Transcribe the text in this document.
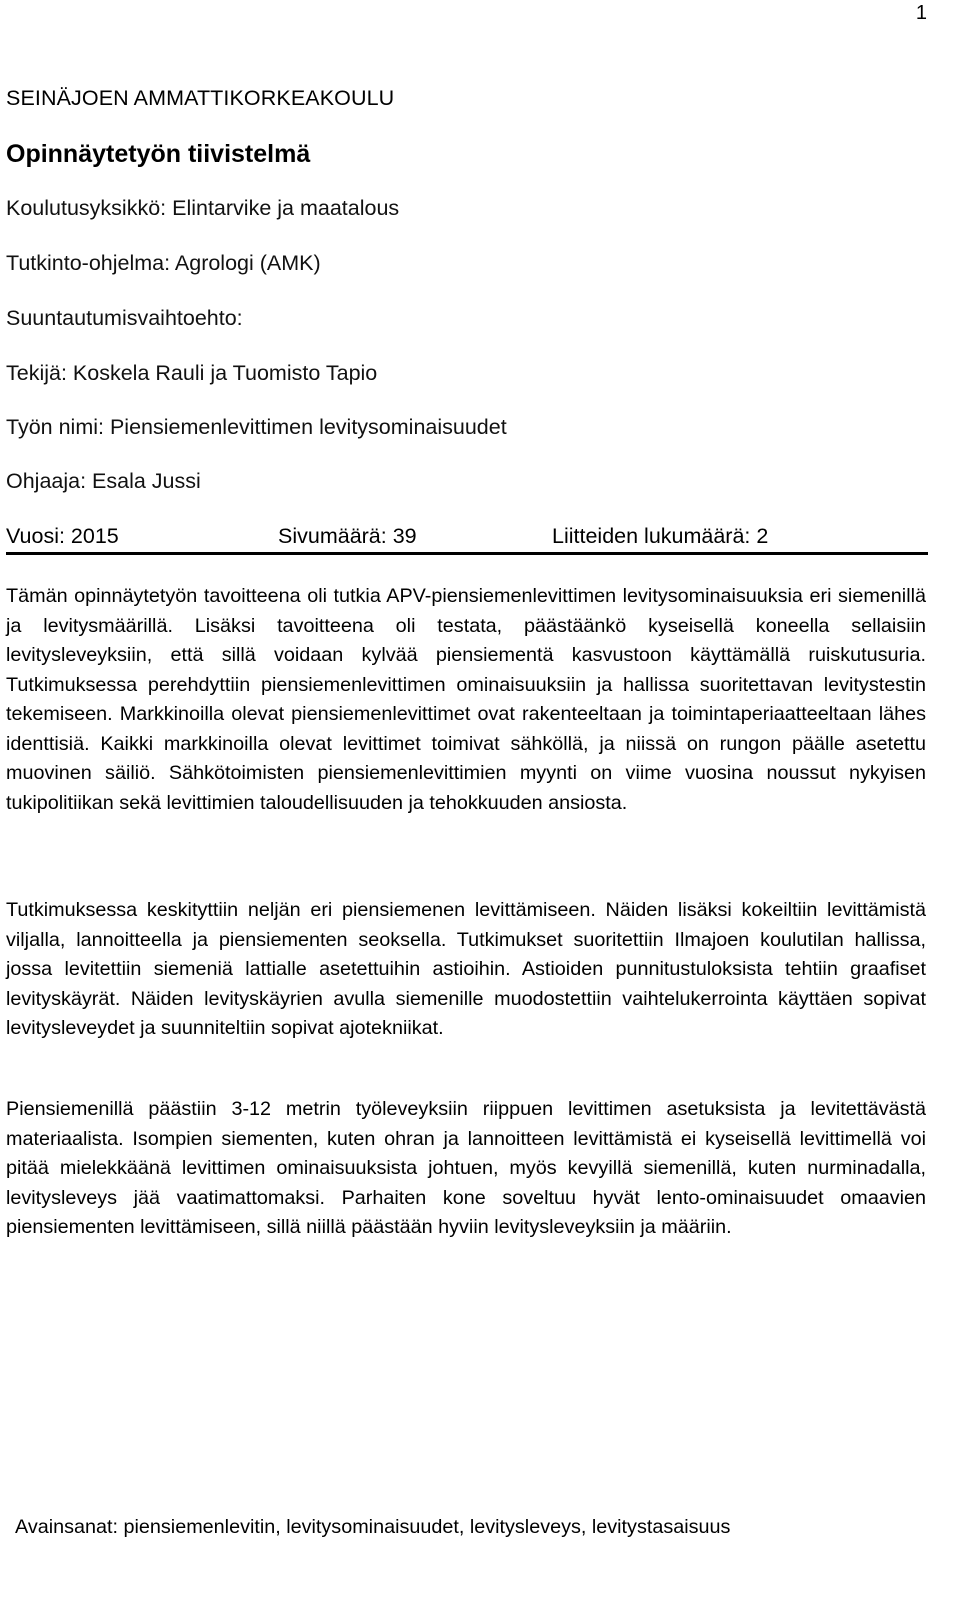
1
SEINÄJOEN AMMATTIKORKEAKOULU
Opinnäytetyön tiivistelmä
Koulutusyksikkö: Elintarvike ja maatalous
Tutkinto-ohjelma: Agrologi (AMK)
Suuntautumisvaihtoehto:
Tekijä: Koskela Rauli ja Tuomisto Tapio
Työn nimi: Piensiemenlevittimen levitysominaisuudet
Ohjaaja: Esala Jussi
Vuosi: 2015	Sivumäärä: 39	Liitteiden lukumäärä: 2
Tämän opinnäytetyön tavoitteena oli tutkia APV-piensiemenlevittimen levitysominaisuuksia eri siemenillä ja levitysmäärillä. Lisäksi tavoitteena oli testata, päästäänkö kyseisellä koneella sellaisiin levitysleveyksiin, että sillä voidaan kylvää piensiementä kasvustoon käyttämällä ruiskutusuria. Tutkimuksessa perehdyttiin piensiemenlevittimen ominaisuuksiin ja hallissa suoritettavan levitystestin tekemiseen. Markkinoilla olevat piensiemenlevittimet ovat rakenteeltaan ja toimintaperiaatteeltaan lähes identtisiä. Kaikki markkinoilla olevat levittimet toimivat sähköllä, ja niissä on rungon päälle asetettu muovinen säiliö. Sähkötoimisten piensiemenlevittimien myynti on viime vuosina noussut nykyisen tukipolitiikan sekä levittimien taloudellisuuden ja tehokkuuden ansiosta.
Tutkimuksessa keskityttiin neljän eri piensiemenen levittämiseen. Näiden lisäksi kokeiltiin levittämistä viljalla, lannoitteella ja piensiementen seoksella. Tutkimukset suoritettiin Ilmajoen koulutilan hallissa, jossa levitettiin siemeniä lattialle asetettuihin astioihin. Astioiden punnitustuloksista tehtiin graafiset levityskäyrät. Näiden levityskäyrien avulla siemenille muodostettiin vaihtelukerrointa käyttäen sopivat levitysleveydet ja suunniteltiin sopivat ajotekniikat.
Piensiemenillä päästiin 3-12 metrin työleveyksiin riippuen levittimen asetuksista ja levitettävästä materiaalista. Isompien siementen, kuten ohran ja lannoitteen levittämistä ei kyseisellä levittimellä voi pitää mielekkäänä levittimen ominaisuuksista johtuen, myös kevyillä siemenillä, kuten nurminadalla, levitysleveys jää vaatimattomaksi. Parhaiten kone soveltuu hyvät lento-ominaisuudet omaavien piensiementen levittämiseen, sillä niillä päästään hyviin levitysleveyksiin ja määriin.
Avainsanat: piensiemenlevitin, levitysominaisuudet, levitysleveys, levitystasaisuus
